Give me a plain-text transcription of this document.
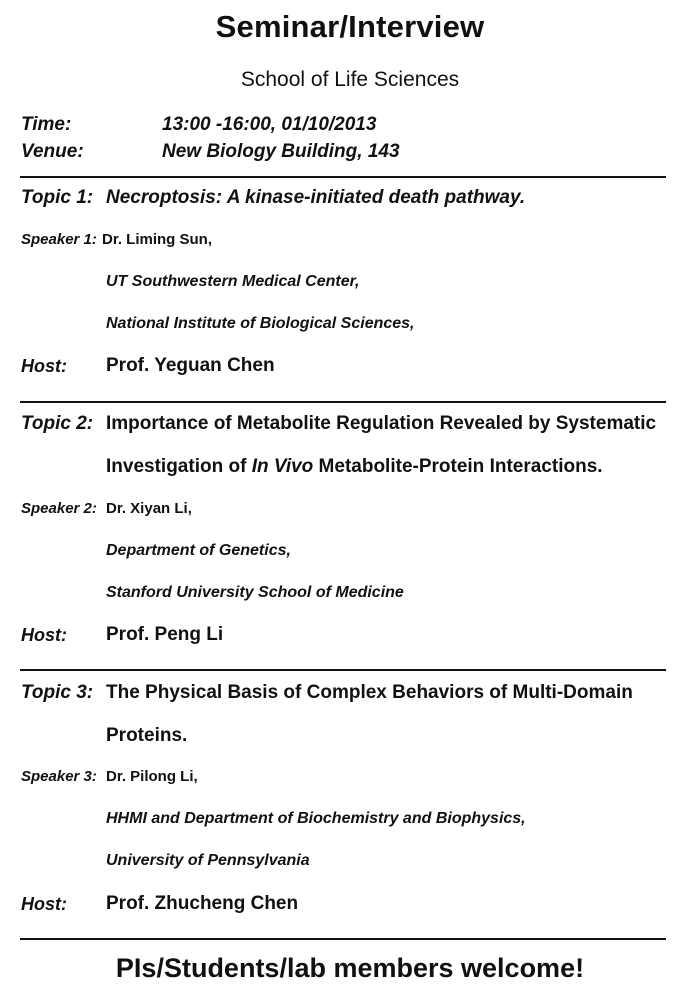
Seminar/Interview
School of Life Sciences
Time:	13:00 -16:00, 01/10/2013
Venue:	New Biology Building, 143
Topic 1: Necroptosis: A kinase-initiated death pathway.
Speaker 1: Dr. Liming Sun,
UT Southwestern Medical Center,
National Institute of Biological Sciences,
Host: Prof. Yeguan Chen
Topic 2: Importance of Metabolite Regulation Revealed by Systematic
Investigation of In Vivo Metabolite-Protein Interactions.
Speaker 2: Dr. Xiyan Li,
Department of Genetics,
Stanford University School of Medicine
Host: Prof. Peng Li
Topic 3: The Physical Basis of Complex Behaviors of Multi-Domain
Proteins.
Speaker 3: Dr. Pilong Li,
HHMI and Department of Biochemistry and Biophysics,
University of Pennsylvania
Host: Prof. Zhucheng Chen
PIs/Students/lab members welcome!
